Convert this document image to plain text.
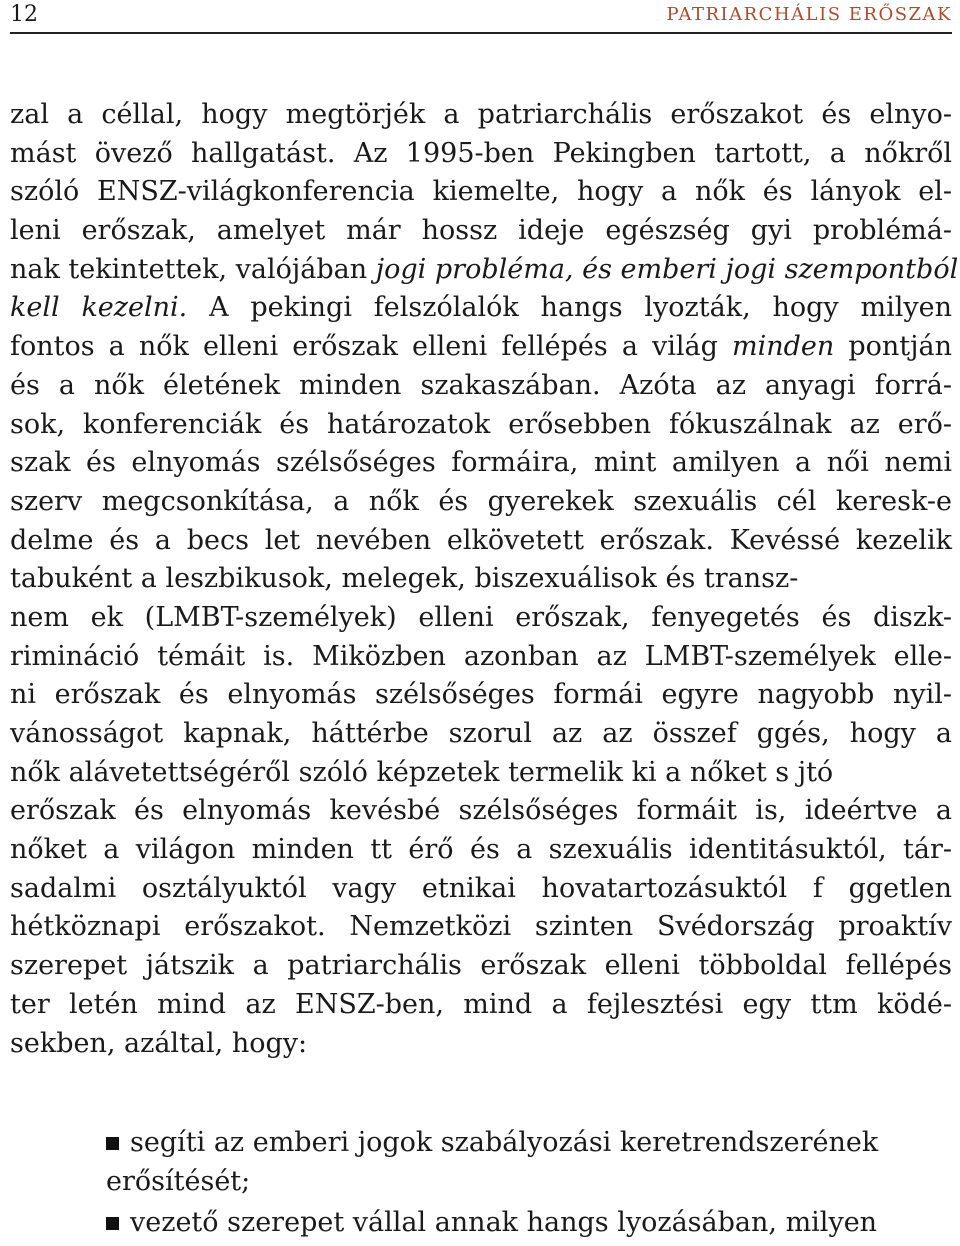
12	PATRIARCHÁLIS ERŐSZAK
zal a céllal, hogy megtörjék a patriarchális erőszakot és elnyo-
mást övező hallgatást. Az 1995-ben Pekingben tartott, a nőkről
szóló ENSZ-világkonferencia kiemelte, hogy a nők és lányok el-
leni erőszak, amelyet már hossz ideje egészség gyi problémá-
nak tekintettek, valójában jogi probléma, és emberi jogi szempontból
kell kezelni. A pekingi felszólalók hangs lyozták, hogy milyen
fontos a nők elleni erőszak elleni fellépés a világ minden pontján
és a nők életének minden szakaszában. Azóta az anyagi forrá-
sok, konferenciák és határozatok erősebben fókuszálnak az erő-
szak és elnyomás szélsőséges formáira, mint amilyen a női nemi
szerv megcsonkítása, a nők és gyerekek szexuális cél keresk-e
delme és a becs let nevében elkövetett erőszak. Kevéssé kezelik
tabuként a leszbikusok, melegek, biszexuálisok és transz-
nem ek (LMBT-személyek) elleni erőszak, fenyegetés és diszk-
rimináció témáit is. Miközben azonban az LMBT-személyek elle-
ni erőszak és elnyomás szélsőséges formái egyre nagyobb nyil-
vánosságot kapnak, háttérbe szorul az az összef ggés, hogy a
nők alávetettségéről szóló képzetek termelik ki a nőket s jtó
erőszak és elnyomás kevésbé szélsőséges formáit is, ideértve a
nőket a világon minden tt érő és a szexuális identitásuktól, tár-
sadalmi osztályuktól vagy etnikai hovatartozásuktól f ggetlen
hétköznapi erőszakot. Nemzetközi szinten Svédország proaktív
szerepet játszik a patriarchális erőszak elleni többoldal fellépés
ter letén mind az ENSZ-ben, mind a fejlesztési egy ttm ködé-
sekben, azáltal, hogy:
segíti az emberi jogok szabályozási keretrendszerének
erősítését;
vezető szerepet vállal annak hangs lyozásában, milyen
